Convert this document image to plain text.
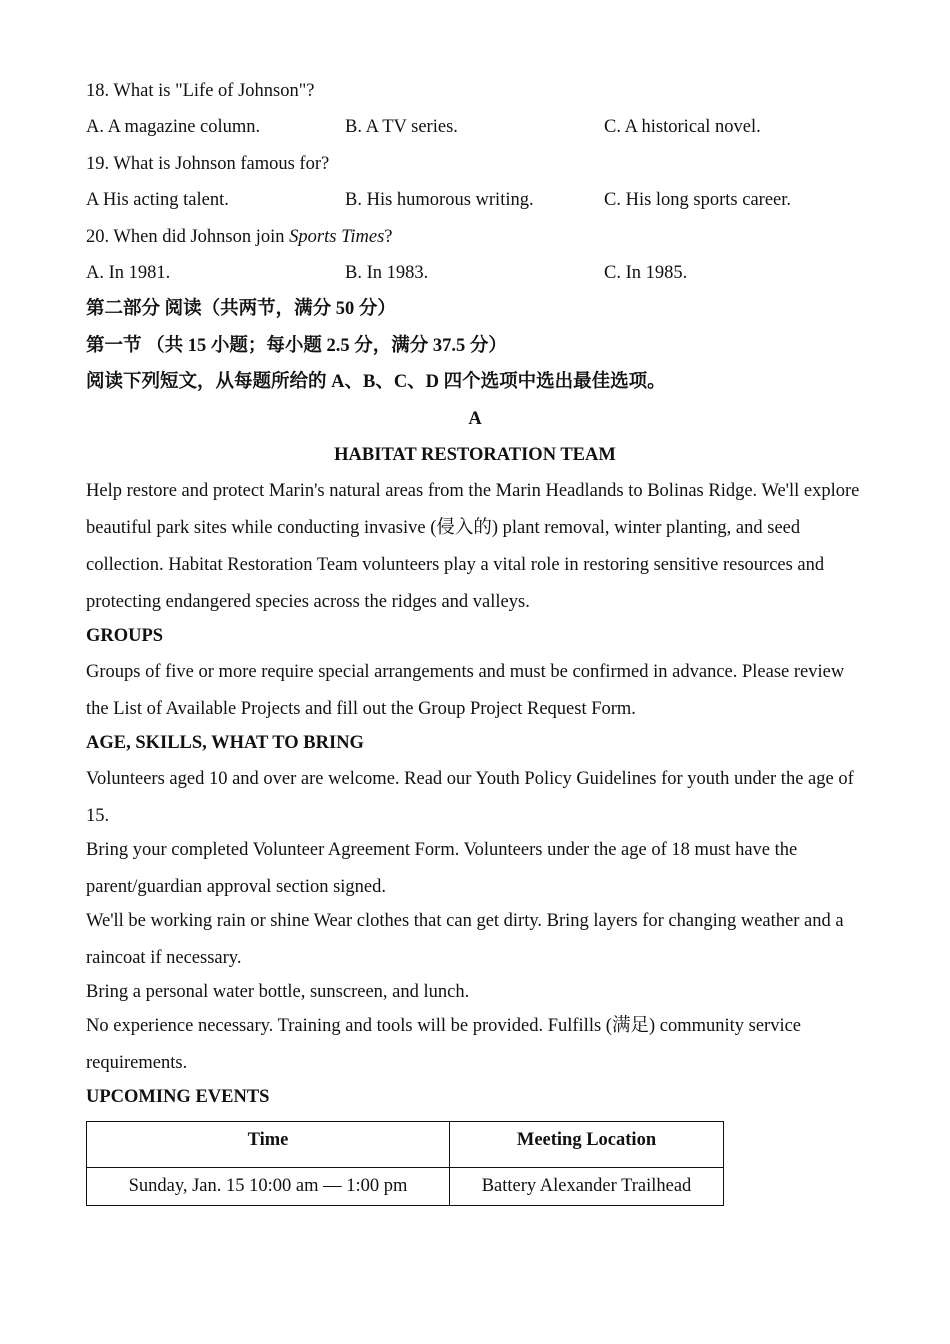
18. What is "Life of Johnson"?
A. A magazine column.	B. A TV series.	C. A historical novel.
19. What is Johnson famous for?
A His acting talent.	B. His humorous writing.	C. His long sports career.
20. When did Johnson join Sports Times?
A. In 1981.	B. In 1983.	C. In 1985.
第二部分 阅读（共两节，满分 50 分）
第一节 （共 15 小题；每小题 2.5 分，满分 37.5 分）
阅读下列短文，从每题所给的 A、B、C、D 四个选项中选出最佳选项。
A
HABITAT RESTORATION TEAM
Help restore and protect Marin's natural areas from the Marin Headlands to Bolinas Ridge. We'll explore beautiful park sites while conducting invasive (侵入的) plant removal, winter planting, and seed collection. Habitat Restoration Team volunteers play a vital role in restoring sensitive resources and protecting endangered species across the ridges and valleys.
GROUPS
Groups of five or more require special arrangements and must be confirmed in advance. Please review the List of Available Projects and fill out the Group Project Request Form.
AGE, SKILLS, WHAT TO BRING
Volunteers aged 10 and over are welcome. Read our Youth Policy Guidelines for youth under the age of 15.
Bring your completed Volunteer Agreement Form. Volunteers under the age of 18 must have the parent/guardian approval section signed.
We'll be working rain or shine Wear clothes that can get dirty. Bring layers for changing weather and a raincoat if necessary.
Bring a personal water bottle, sunscreen, and lunch.
No experience necessary. Training and tools will be provided. Fulfills (满足) community service requirements.
UPCOMING EVENTS
Time	Meeting Location
Sunday, Jan. 15 10:00 am — 1:00 pm	Battery Alexander Trailhead
